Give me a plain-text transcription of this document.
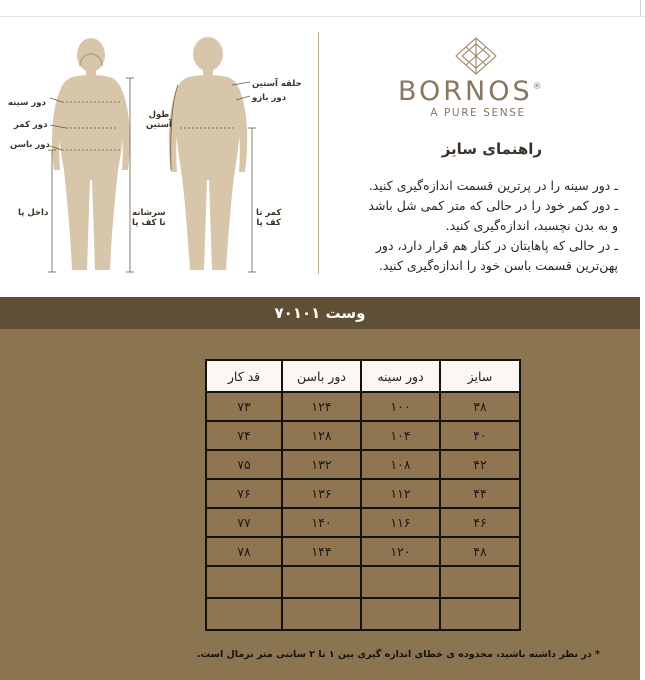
دور سینه
دور کمر
دور باسن
داخل پا	سرشانه
تا کف پا
حلقه آستین
دور بازو
طول
آستین
کمر تا
کف پا
BORNOS®
A PURE SENSE
راهنمای سایز
ـ دور سینه را در پرترین قسمت اندازه‌گیری کنید.
ـ دور کمر خود را در حالی که متر کمی شل باشد
و به بدن نچسبد، اندازه‌گیری کنید.
ـ در حالی که پاهایتان در کنار هم قرار دارد، دور
پهن‌ترین قسمت باسن خود را اندازه‌گیری کنید.
وست ۷۰۱۰۱
سایز	دور سینه	دور باسن	قد کار
۳۸	۱۰۰	۱۲۴	۷۳
۴۰	۱۰۴	۱۲۸	۷۴
۴۲	۱۰۸	۱۳۲	۷۵
۴۴	۱۱۲	۱۳۶	۷۶
۴۶	۱۱۶	۱۴۰	۷۷
۴۸	۱۲۰	۱۴۴	۷۸

* در نظر داشته باشید، محدوده ی خطای اندازه گیری بین ۱ تا ۲ سانتی متر نرمال است.
